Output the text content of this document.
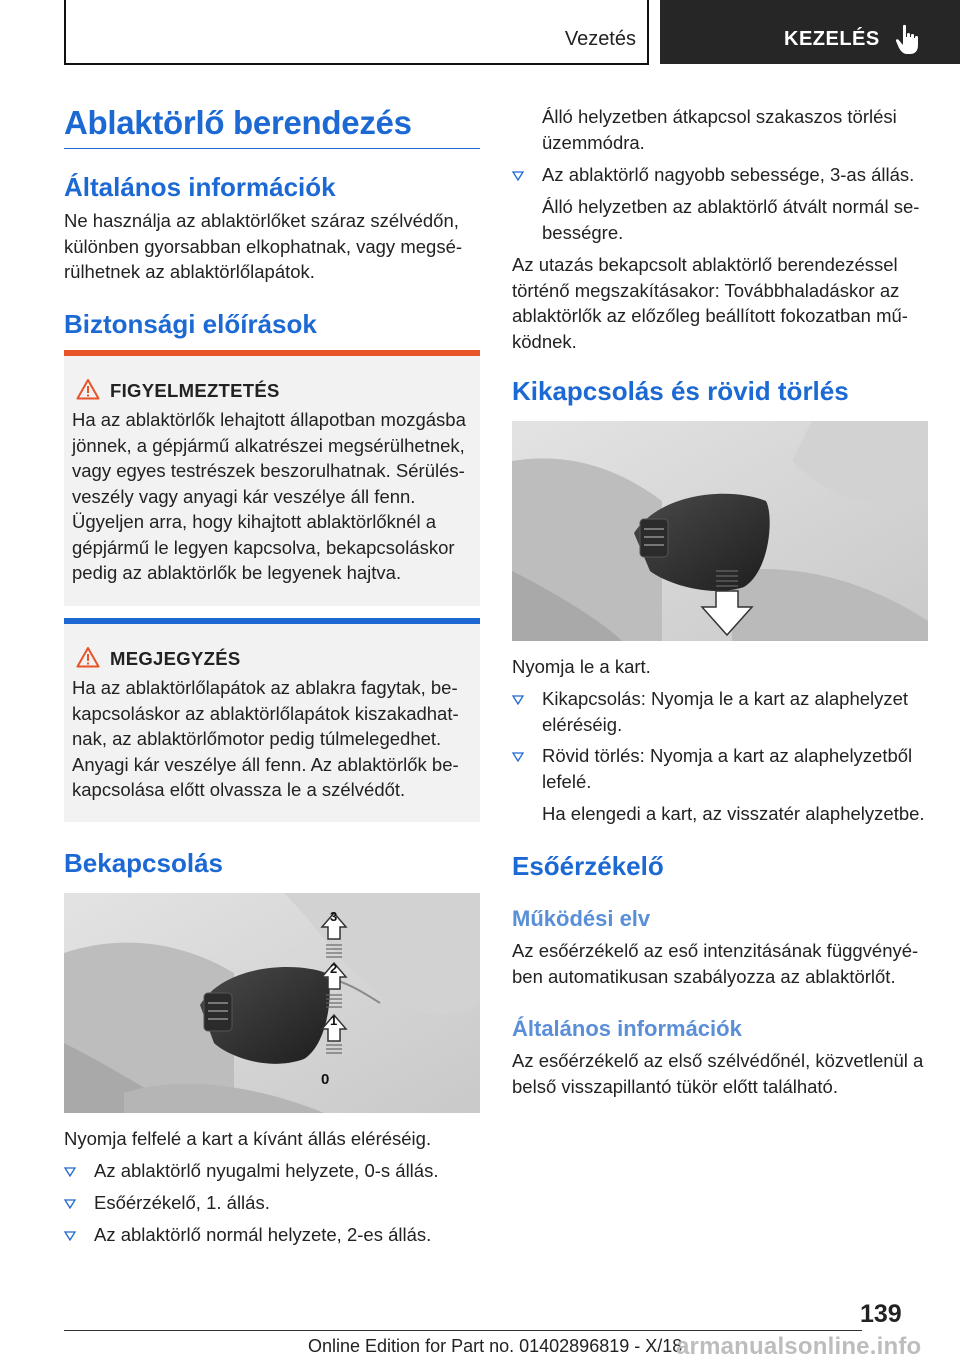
Vezetés	KEZELÉS
Ablaktörlő berendezés
Általános információk

Ne használja az ablaktörlőket száraz szélvédőn, különben gyorsabban elkophatnak, vagy megsé-rülhetnek az ablaktörlőlapátok.

Biztonsági előírások
FIGYELMEZTETÉS
Ha az ablaktörlők lehajtott állapotban mozgásba jönnek, a gépjármű alkatrészei megsérülhetnek, vagy egyes testrészek beszorulhatnak. Sérülés-veszély vagy anyagi kár veszélye áll fenn. Ügyeljen arra, hogy kihajtott ablaktörlőknél a gépjármű le legyen kapcsolva, bekapcsoláskor pedig az ablaktörlők be legyenek hajtva.
MEGJEGYZÉS
Ha az ablaktörlőlapátok az ablakra fagytak, be-kapcsoláskor az ablaktörlőlapátok kiszakadhat-nak, az ablaktörlőmotor pedig túlmelegedhet. Anyagi kár veszélye áll fenn. Az ablaktörlők be-kapcsolása előtt olvassza le a szélvédőt.
Bekapcsolás
3
2
1
0

Nyomja felfelé a kart a kívánt állás eléréséig.

Az ablaktörlő nyugalmi helyzete, 0-s állás.
Esőérzékelő, 1. állás.
Az ablaktörlő normál helyzete, 2-es állás.

Álló helyzetben átkapcsol szakaszos törlési üzemmódra.

Az ablaktörlő nagyobb sebessége, 3-as állás.

Álló helyzetben az ablaktörlő átvált normál se-bességre.

Az utazás bekapcsolt ablaktörlő berendezéssel történő megszakításakor: Továbbhaladáskor az ablaktörlők az előzőleg beállított fokozatban mű-ködnek.

Kikapcsolás és rövid törlés

Nyomja le a kart.

Kikapcsolás: Nyomja le a kart az alaphelyzet eléréséig.
Rövid törlés: Nyomja a kart az alaphelyzetből lefelé.

Ha elengedi a kart, az visszatér alaphelyzetbe.

Esőérzékelő
Működési elv

Az esőérzékelő az eső intenzitásának függvényé-ben automatikusan szabályozza az ablaktörlőt.

Általános információk

Az esőérzékelő az első szélvédőnél, közvetlenül a belső visszapillantó tükör előtt található.

139
Online Edition for Part no. 01402896819 - X/18
armanualsonline.info
